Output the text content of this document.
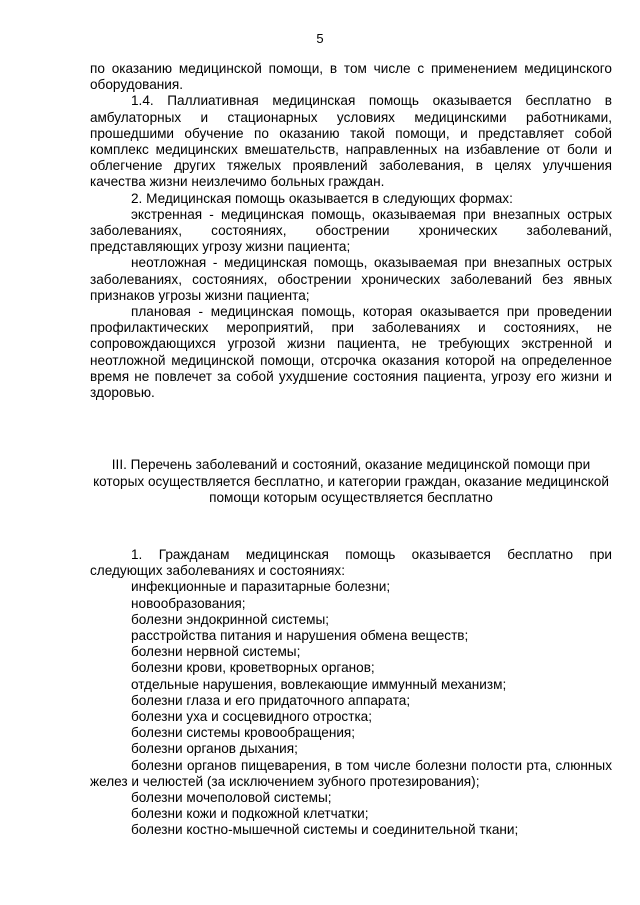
5

по оказанию медицинской помощи, в том числе с применением медицинского оборудования.

1.4. Паллиативная медицинская помощь оказывается бесплатно в амбулаторных и стационарных условиях медицинскими работниками, прошедшими обучение по оказанию такой помощи, и представляет собой комплекс медицинских вмешательств, направленных на избавление от боли и облегчение других тяжелых проявлений заболевания, в целях улучшения качества жизни неизлечимо больных граждан.

2. Медицинская помощь оказывается в следующих формах:

экстренная - медицинская помощь, оказываемая при внезапных острых заболеваниях, состояниях, обострении хронических заболеваний, представляющих угрозу жизни пациента;

неотложная - медицинская помощь, оказываемая при внезапных острых заболеваниях, состояниях, обострении хронических заболеваний без явных признаков угрозы жизни пациента;

плановая - медицинская помощь, которая оказывается при проведении профилактических мероприятий, при заболеваниях и состояниях, не сопровождающихся угрозой жизни пациента, не требующих экстренной и неотложной медицинской помощи, отсрочка оказания которой на определенное время не повлечет за собой ухудшение состояния пациента, угрозу его жизни и здоровью.

III. Перечень заболеваний и состояний, оказание медицинской помощи при которых осуществляется бесплатно, и категории граждан, оказание медицинской помощи которым осуществляется бесплатно

1. Гражданам медицинская помощь оказывается бесплатно при следующих заболеваниях и состояниях:

инфекционные и паразитарные болезни;

новообразования;

болезни эндокринной системы;

расстройства питания и нарушения обмена веществ;

болезни нервной системы;

болезни крови, кроветворных органов;

отдельные нарушения, вовлекающие иммунный механизм;

болезни глаза и его придаточного аппарата;

болезни уха и сосцевидного отростка;

болезни системы кровообращения;

болезни органов дыхания;

болезни органов пищеварения, в том числе болезни полости рта, слюнных желез и челюстей (за исключением зубного протезирования);

болезни мочеполовой системы;

болезни кожи и подкожной клетчатки;

болезни костно-мышечной системы и соединительной ткани;
